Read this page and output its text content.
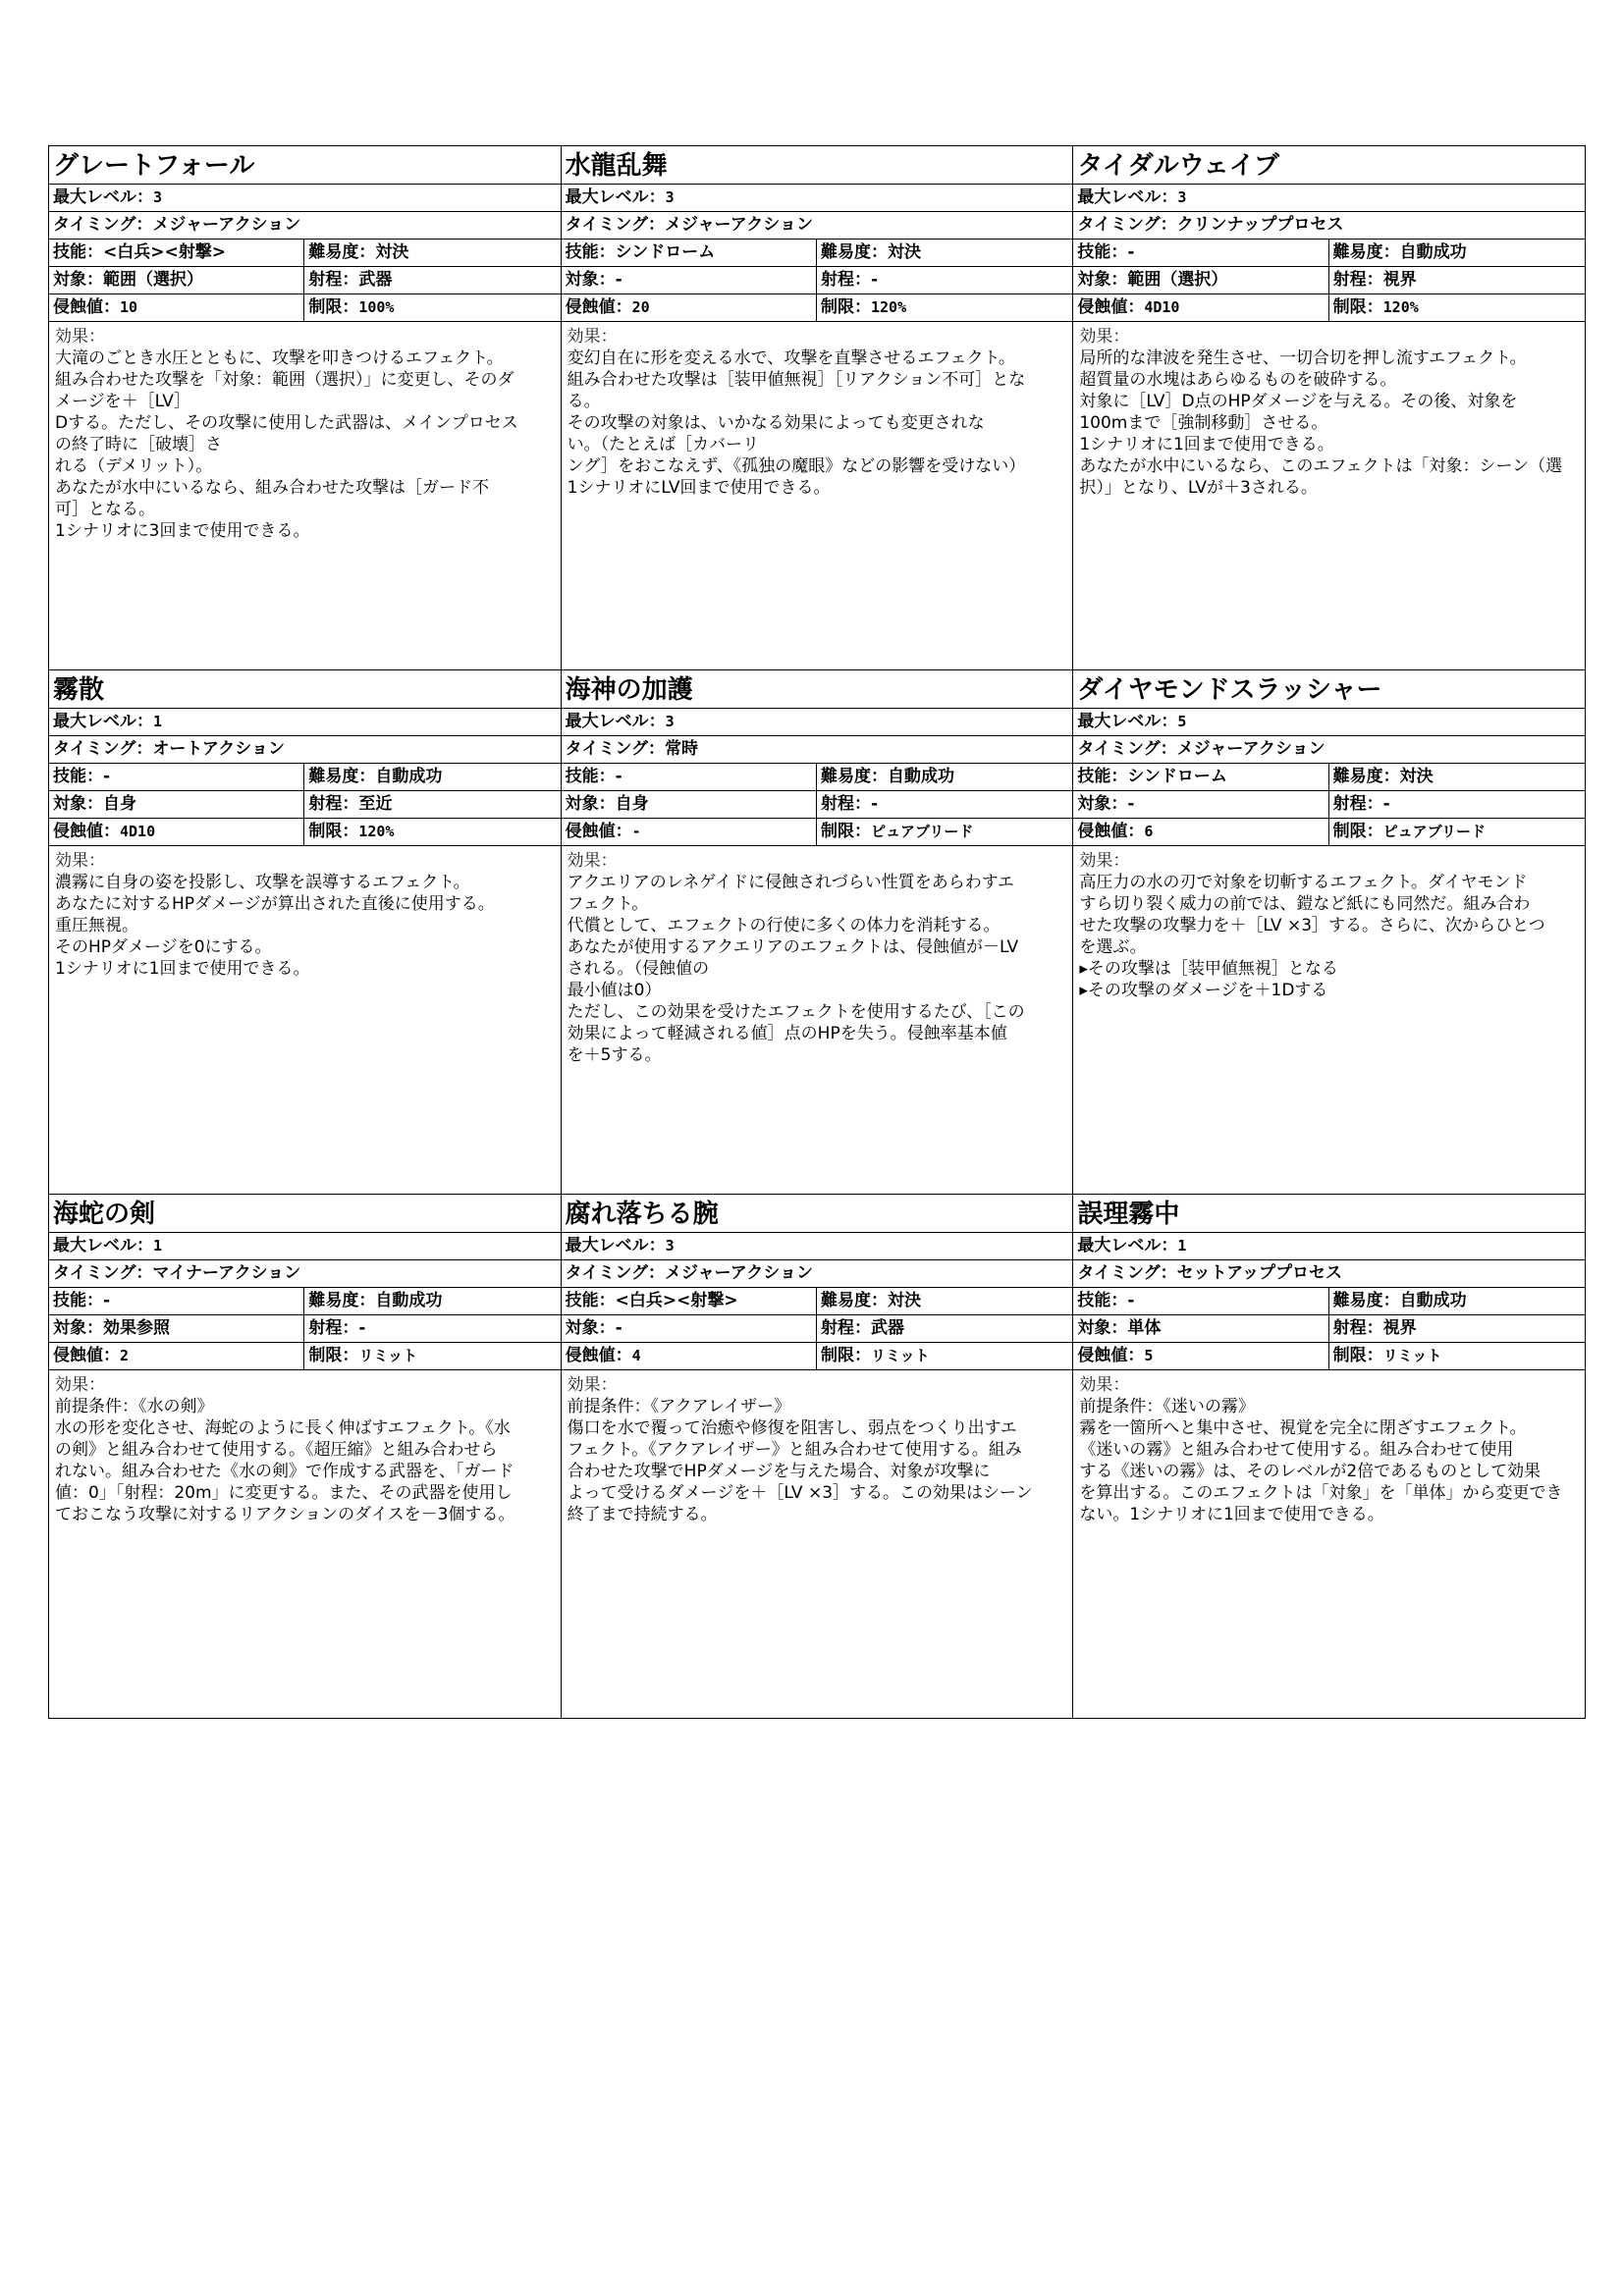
グレートフォール
最大レベル：3
タイミング：メジャーアクション
技能：<白兵><射撃>	難易度：対決
対象：範囲（選択）	射程：武器
侵蝕値：10	制限：100%
効果：
大滝のごとき水圧とともに、攻撃を叩きつけるエフェクト。
組み合わせた攻撃を「対象：範囲（選択）」に変更し、そのダ
メージを＋［LV］
Dする。ただし、その攻撃に使用した武器は、メインプロセス
の終了時に［破壊］さ
れる（デメリット）。
あなたが水中にいるなら、組み合わせた攻撃は［ガード不
可］となる。
1シナリオに3回まで使用できる。
水龍乱舞
最大レベル：3
タイミング：メジャーアクション
技能：シンドローム	難易度：対決
対象：-	射程：-
侵蝕値：20	制限：120%
効果：
変幻自在に形を変える水で、攻撃を直撃させるエフェクト。
組み合わせた攻撃は［装甲値無視］［リアクション不可］とな
る。
その攻撃の対象は、いかなる効果によっても変更されな
い。（たとえば［カバーリ
ング］をおこなえず、《孤独の魔眼》などの影響を受けない）
1シナリオにLV回まで使用できる。
タイダルウェイブ
最大レベル：3
タイミング：クリンナッププロセス
技能：-	難易度：自動成功
対象：範囲（選択）	射程：視界
侵蝕値：4D10	制限：120%
効果：
局所的な津波を発生させ、一切合切を押し流すエフェクト。
超質量の水塊はあらゆるものを破砕する。
対象に［LV］D点のHPダメージを与える。その後、対象を
100mまで［強制移動］させる。
1シナリオに1回まで使用できる。
あなたが水中にいるなら、このエフェクトは「対象：シーン（選
択）」となり、LVが＋3される。
霧散
最大レベル：1
タイミング：オートアクション
技能：-	難易度：自動成功
対象：自身	射程：至近
侵蝕値：4D10	制限：120%
効果：
濃霧に自身の姿を投影し、攻撃を誤導するエフェクト。
あなたに対するHPダメージが算出された直後に使用する。
重圧無視。
そのHPダメージを0にする。
1シナリオに1回まで使用できる。
海神の加護
最大レベル：3
タイミング：常時
技能：-	難易度：自動成功
対象：自身	射程：-
侵蝕値：-	制限：ピュアブリード
効果：
アクエリアのレネゲイドに侵蝕されづらい性質をあらわすエ
フェクト。
代償として、エフェクトの行使に多くの体力を消耗する。
あなたが使用するアクエリアのエフェクトは、侵蝕値が－LV
される。（侵蝕値の
最小値は0）
ただし、この効果を受けたエフェクトを使用するたび、［この
効果によって軽減される値］点のHPを失う。侵蝕率基本値
を＋5する。
ダイヤモンドスラッシャー
最大レベル：5
タイミング：メジャーアクション
技能：シンドローム	難易度：対決
対象：-	射程：-
侵蝕値：6	制限：ピュアブリード
効果：
高圧力の水の刃で対象を切斬するエフェクト。ダイヤモンド
すら切り裂く威力の前では、鎧など紙にも同然だ。組み合わ
せた攻撃の攻撃力を＋［LV ×3］する。さらに、次からひとつ
を選ぶ。
▸その攻撃は［装甲値無視］となる
▸その攻撃のダメージを＋1Dする
海蛇の剣
最大レベル：1
タイミング：マイナーアクション
技能：-	難易度：自動成功
対象：効果参照	射程：-
侵蝕値：2	制限：リミット
効果：
前提条件：《水の剣》
水の形を変化させ、海蛇のように長く伸ばすエフェクト。《水
の剣》と組み合わせて使用する。《超圧縮》と組み合わせら
れない。組み合わせた《水の剣》で作成する武器を、「ガード
値：0」「射程：20m」に変更する。また、その武器を使用し
ておこなう攻撃に対するリアクションのダイスを－3個する。
腐れ落ちる腕
最大レベル：3
タイミング：メジャーアクション
技能：<白兵><射撃>	難易度：対決
対象：-	射程：武器
侵蝕値：4	制限：リミット
効果：
前提条件：《アクアレイザー》
傷口を水で覆って治癒や修復を阻害し、弱点をつくり出すエ
フェクト。《アクアレイザー》と組み合わせて使用する。組み
合わせた攻撃でHPダメージを与えた場合、対象が攻撃に
よって受けるダメージを＋［LV ×3］する。この効果はシーン
終了まで持続する。
誤理霧中
最大レベル：1
タイミング：セットアッププロセス
技能：-	難易度：自動成功
対象：単体	射程：視界
侵蝕値：5	制限：リミット
効果：
前提条件：《迷いの霧》
霧を一箇所へと集中させ、視覚を完全に閉ざすエフェクト。
《迷いの霧》と組み合わせて使用する。組み合わせて使用
する《迷いの霧》は、そのレベルが2倍であるものとして効果
を算出する。このエフェクトは「対象」を「単体」から変更でき
ない。1シナリオに1回まで使用できる。
